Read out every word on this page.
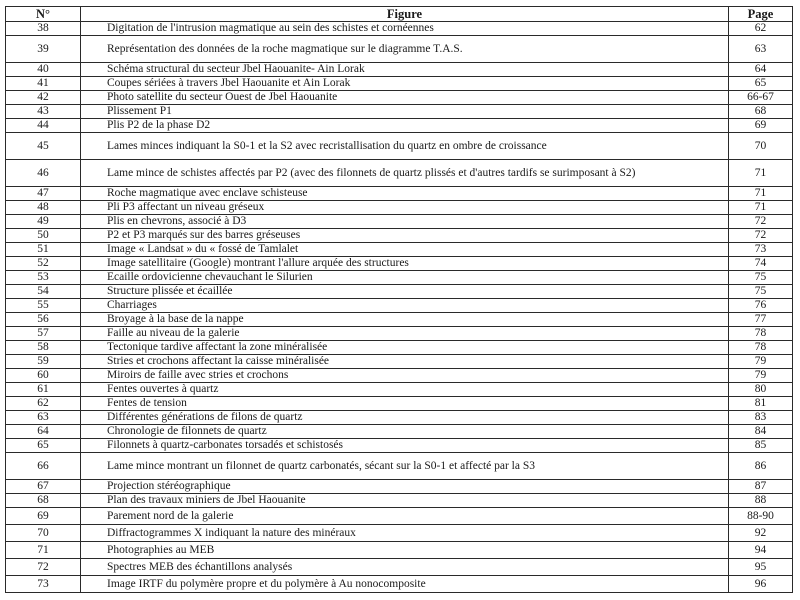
N°	Figure	Page
38	Digitation de l'intrusion magmatique au sein des schistes et cornéennes	62
39	Représentation des données de la roche magmatique sur le diagramme T.A.S.	63
40	Schéma structural du secteur Jbel Haouanite- Ain Lorak	64
41	Coupes sériées à travers Jbel Haouanite et Ain Lorak	65
42	Photo satellite du secteur Ouest de Jbel Haouanite	66-67
43	Plissement P1	68
44	Plis P2 de la phase D2	69
45	Lames minces indiquant la S0-1 et la S2 avec recristallisation du quartz en ombre de croissance	70
46	Lame mince de schistes affectés par P2 (avec des filonnets de quartz plissés et d'autres tardifs se surimposant à S2)	71
47	Roche magmatique avec enclave schisteuse	71
48	Pli P3 affectant un niveau gréseux	71
49	Plis en chevrons, associé à D3	72
50	P2 et P3 marqués sur des barres gréseuses	72
51	Image « Landsat » du « fossé de Tamlalet	73
52	Image satellitaire (Google) montrant l'allure arquée des structures	74
53	Ecaille ordovicienne chevauchant le Silurien	75
54	Structure plissée et écaillée	75
55	Charriages	76
56	Broyage à la base de la nappe	77
57	Faille au niveau de la galerie	78
58	Tectonique tardive affectant la zone minéralisée	78
59	Stries et crochons affectant la caisse minéralisée	79
60	Miroirs de faille avec stries et crochons	79
61	Fentes ouvertes à quartz	80
62	Fentes de tension	81
63	Différentes générations de filons de quartz	83
64	Chronologie de filonnets de quartz	84
65	Filonnets à quartz-carbonates torsadés et schistosés	85
66	Lame mince montrant un filonnet de quartz carbonatés, sécant sur la S0-1 et affecté par la S3	86
67	Projection stéréographique	87
68	Plan des travaux miniers de Jbel Haouanite	88
69	Parement nord de la galerie	88-90
70	Diffractogrammes X indiquant la nature des minéraux	92
71	Photographies au MEB	94
72	Spectres MEB des échantillons analysés	95
73	Image IRTF du polymère propre et du polymère à Au nonocomposite	96
